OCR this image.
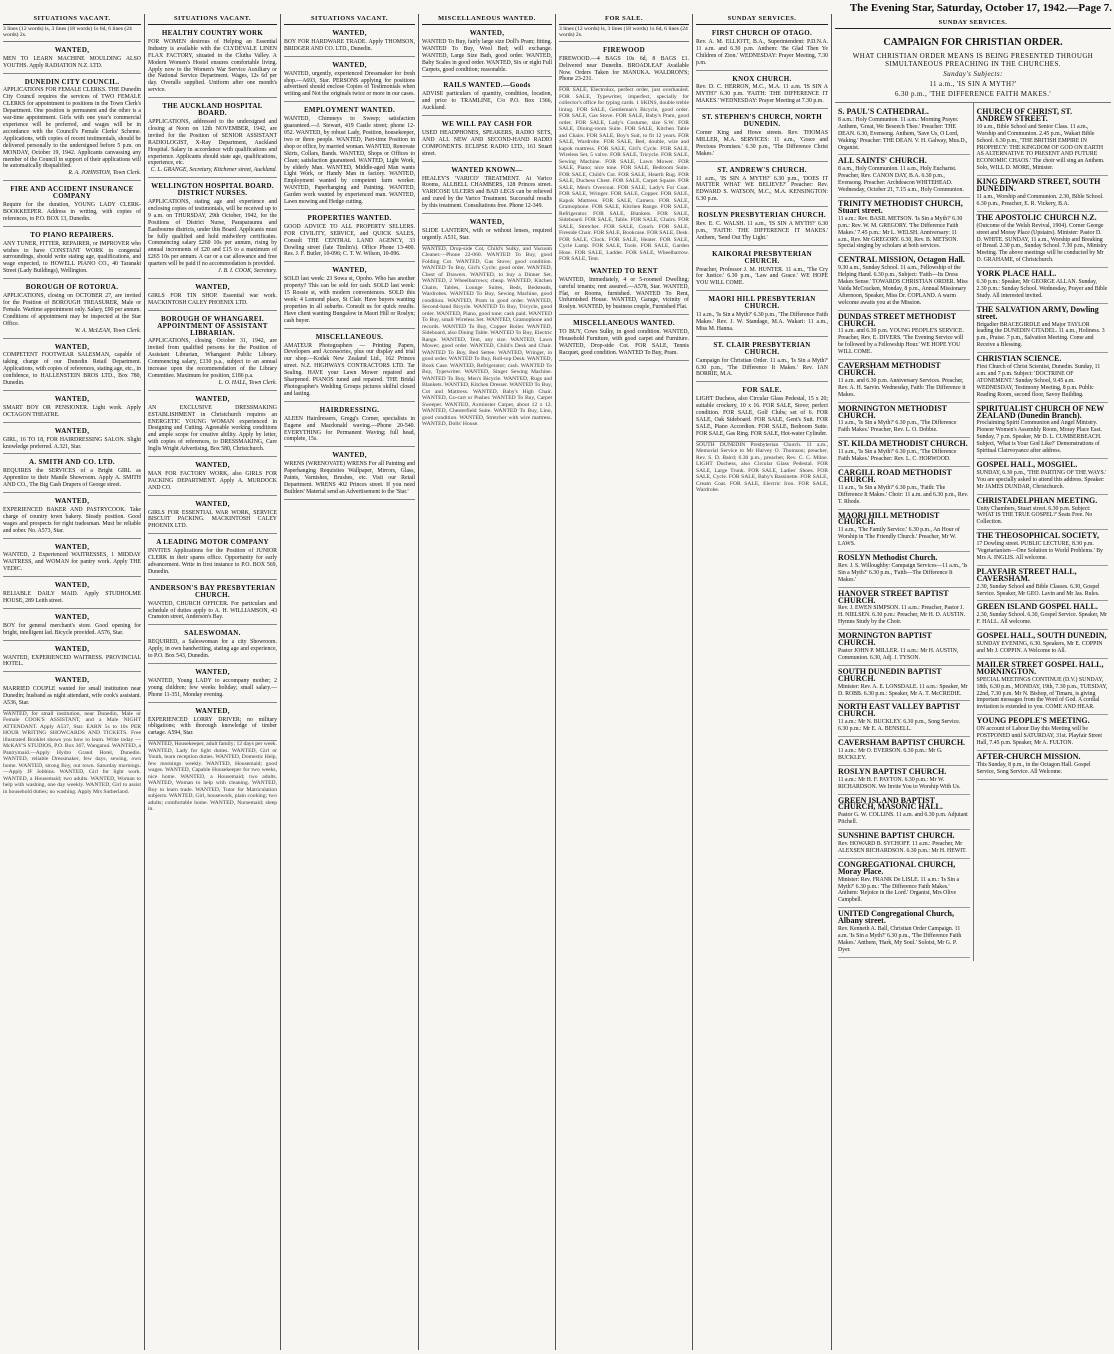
The Evening Star, Saturday, October 17, 1942.—Page 7.
SITUATIONS VACANT.
3 lines (12 words) ls, 3 lines (18 words) 1s 6d, 6 lines (24 words) 2s.
WANTED,
MEN TO LEARN MACHINE MOULDING ALSO YOUTHS. Apply RADIATION N.Z. LTD.
DUNEDIN CITY COUNCIL.
APPLICATIONS FOR FEMALE CLERKS. THE Dunedin City Council requires the services of TWO FEMALE CLERKS for appointment to positions in the Town Clerk's Department. One position is permanent and the other is a war-time appointment. Girls with one year's commercial experience will be preferred, and wages will be in accordance with the Council's Female Clerks' Scheme. Applications, with copies of recent testimonials, should be delivered personally to the undersigned before 5 p.m. on MONDAY, October 19, 1942. Applicants canvassing any member of the Council in support of their applications will be automatically disqualified.
R. A. JOHNSTON, Town Clerk.
FIRE AND ACCIDENT INSURANCE COMPANY
Require for the duration, YOUNG LADY CLERK-BOOKKEEPER. Address in writing, with copies of references, to P.O. BOX 13, Dunedin.
TO PIANO REPAIRERS.
ANY TUNER, FITTER, REPAIRER, or IMPROVER who wishes to have CONSTANT WORK in congenial surroundings, should write stating age, qualifications, and wage expected, to HOWELL PIANO CO., 40 Taranaki Street (Lady Buildings), Wellington.
BOROUGH OF ROTORUA.
APPLICATIONS, closing on OCTOBER 27, are invited for the Position of BOROUGH TREASURER, Male or Female. Wartime appointment only. Salary, £00 per annum. Conditions of appointment may be inspected at the Star Office.
W. A. McLEAN, Town Clerk.
WANTED,
COMPETENT FOOTWEAR SALESMAN, capable of taking charge of our Dunedin Retail Department. Applications, with copies of references, stating age, etc., in confidence, to HALLENSTEIN BROS LTD., Box 780, Dunedin.
WANTED,
SMART BOY OR PENSIONER. Light work. Apply OCTAGON THEATRE.
WANTED,
GIRL, 16 TO 18, FOR HAIRDRESSING SALON. Slight knowledge preferred. A.321, Star.
A. SMITH AND CO. LTD.
REQUIRES the SERVICES of a Bright GIRL as Apprentice to their Mantle Showroom. Apply A. SMITH AND CO., The Big Cash Drapers of George street.
WANTED,
EXPERIENCED BAKER AND PASTRYCOOK. Take charge of country town bakery. Steady position. Good wages and prospects for right tradesman. Must be reliable and sober. No. A573, Star.
WANTED,
WANTED, 2 Experienced WAITRESSES, 1 MIDDAY WAITRESS, and WOMAN for pantry work. Apply THE VEDIC.
WANTED,
RELIABLE DAILY MAID. Apply STUDHOLME HOUSE, 289 Leith street.
WANTED,
BOY for general merchant's store. Good opening for bright, intelligent lad. Bicycle provided. A576, Star.
WANTED,
WANTED, EXPERIENCED WAITRESS. PROVINCIAL HOTEL.
WANTED,
MARRIED COUPLE wanted for small institution near Dunedin; husband as night attendant, wife cook's assistant. A536, Star.
WANTED, for small institution, near Dunedin, Male or Female COOK'S ASSISTANT, and a Male NIGHT ATTENDANT. Apply A537, Star. EARN 5s to 10s PER HOUR WRITING SHOWCARDS AND TICKETS. Free illustrated Booklet shows you how to learn. Write today — McKAY'S STUDIOS, P.O. Box 367, Wanganui. WANTED, a Pantrymaid.—Apply Hydro Grand Hotel, Dunedin. WANTED, reliable Dressmaker, few days, sewing, own home. WANTED, strong Boy, out town. Saturday mornings.—Apply JF Jobbins. WANTED, Girl for light work. WANTED, a Housemaid; two adults. WANTED, Woman to help with washing, one day weekly. WANTED, Girl to assist in household duties; no washing. Apply Mrs Sutherland.
SITUATIONS VACANT.
HEALTHY COUNTRY WORK
FOR WOMEN desirous of Helping an Essential Industry is available with the CLYDEVALE LINEN FLAX FACTORY, situated in the Clutha Valley. A Modern Women's Hostel ensures comfortable living. Apply now to the Women's War Service Auxiliary or the National Service Department. Wages, 12s 6d per day. Overalls supplied. Uniform after one month's service.
THE AUCKLAND HOSPITAL BOARD.
APPLICATIONS, addressed to the undersigned and closing at Noon on 12th NOVEMBER, 1942, are invited for the Position of SENIOR ASSISTANT RADIOLOGIST, X-Ray Department, Auckland Hospital. Salary in accordance with qualifications and experience. Applicants should state age, qualifications, experience, etc.
C. L. GRANGE, Secretary, Kitchener street, Auckland.
WELLINGTON HOSPITAL BOARD. DISTRICT NURSES.
APPLICATIONS, stating age and experience and enclosing copies of testimonials, will be received up to 9 a.m. on THURSDAY, 29th October, 1942, for the Positions of District Nurse, Paraparaumu and Eastbourne districts, under this Board. Applicants must be fully qualified and hold midwifery certificates. Commencing salary £260 10s per annum, rising by annual increments of £20 and £15 to a maximum of £265 10s per annum. A car or a car allowance and free quarters will be paid if no accommodation is provided.
J. B. I. COOK, Secretary.
WANTED,
GIRLS FOR TIN SHOP. Essential war work. MACKINTOSH CALEY PHOENIX LTD.
BOROUGH OF WHANGAREI. APPOINTMENT OF ASSISTANT LIBRARIAN.
APPLICATIONS, closing October 31, 1942, are invited from qualified persons for the Position of Assistant Librarian, Whangarei Public Library. Commencing salary, £130 p.a., subject to an annual increase upon the recommendation of the Library Committee. Maximum for position, £186 p.a.
L. O. HALL, Town Clerk.
WANTED,
AN EXCLUSIVE DRESSMAKING ESTABLISHMENT in Christchurch requires an ENERGETIC YOUNG WOMAN experienced in Designing and Cutting. Agreeable working conditions and ample scope for creative ability. Apply by letter, with copies of references, to DRESSMAKING, Care Inglis Wright Advertising, Box 580, Christchurch.
WANTED,
MAN FOR FACTORY WORK, also GIRLS FOR PACKING DEPARTMENT. Apply A. MURDOCK AND CO.
WANTED,
GIRLS FOR ESSENTIAL WAR WORK, SERVICE BISCUIT PACKING. MACKINTOSH CALEY PHOENIX LTD.
A LEADING MOTOR COMPANY
INVITES Applications for the Position of JUNIOR CLERK in their spares office. Opportunity for early advancement. Write in first instance to P.O. BOX 569, Dunedin.
ANDERSON'S BAY PRESBYTERIAN CHURCH.
WANTED, CHURCH OFFICER. For particulars and schedule of duties apply to A. H. WILLIAMSON, 43 Cranston street, Anderson's Bay.
SALESWOMAN.
REQUIRED, a Saleswoman for a city Showroom. Apply, in own handwriting, stating age and experience, to P.O. Box 543, Dunedin.
WANTED,
WANTED, Young LADY to accompany mother; 2 young children; few weeks holiday; small salary.—Phone 11-351, Monday evening.
WANTED,
EXPERIENCED LORRY DRIVER; no military obligations; with thorough knowledge of timber cartage. A594, Star.
WANTED, Housekeeper, adult family; 12 days per week. WANTED, Lady for light duties. WANTED, Girl or Youth, learn reception duties. WANTED, Domestic Help, few mornings weekly. WANTED, Housemaid; good wages. WANTED, Capable Housekeeper for two weeks, nice home. WANTED, a Housemaid; two adults. WANTED, Woman to help with cleaning. WANTED, Boy to learn trade. WANTED, Tutor for Matriculation subjects. WANTED, Girl, housework, plain cooking; two adults; comfortable home. WANTED, Nursemaid; sleep in.
SITUATIONS VACANT.
WANTED,
BOY FOR HARDWARE TRADE. Apply THOMSON, BRIDGER AND CO. LTD., Dunedin.
WANTED,
WANTED, urgently, experienced Dressmaker for fresh shop.—A693, Star. PERSONS applying for positions advertised should enclose Copies of Testimonials when writing and Not the originals twice or more in our cases.
EMPLOYMENT WANTED.
WANTED, Chimneys to Sweep; satisfaction guaranteed.—J. Stewart, 419 Castle street; phone 12-052. WANTED, by robust Lady, Position, housekeeper, two or three people. WANTED, Part-time Position in shop or office, by married woman. WANTED, Renovate Skirts, Collars, Bands. WANTED, Shops or Offices to Clean; satisfaction guaranteed. WANTED, Light Work, by elderly Man. WANTED, Middle-aged Man wants Light Work, or Handy Man in factory. WANTED, Employment wanted by competent farm worker. WANTED, Paperhanging and Painting. WANTED, Garden work wanted by experienced man. WANTED, Lawn mowing and Hedge cutting.
PROPERTIES WANTED.
GOOD ADVICE TO ALL PROPERTY SELLERS. FOR CIVILITY, SERVICE, and QUICK SALES, Consult THE CENTRAL LAND AGENCY, 33 Dowling street (late Timlin's). Office Phone 13-400. Res. J. F. Butler, 10-096; C. T. W. Wilson, 10-096.
WANTED,
SOLD last week: 23 Sowa st, Opoho. Who has another property? This can be sold for cash. SOLD last week: 15 Rossie st, with modern conveniences. SOLD this week: 4 Lomond place, St Clair. Have buyers wanting properties in all suburbs. Consult us for quick results. Have client wanting Bungalow in Maori Hill or Roslyn; cash buyer.
MISCELLANEOUS.
AMATEUR Photographers — Printing Papers, Developers and Accessories, plus our display and trial our shop.—Kodak New Zealand Ltd., 162 Princes street. N.Z. HIGHWAYS CONTRACTORS LTD. Tar Sealing. HAVE your Lawn Mower repaired and Sharpened. PIANOS tuned and repaired. THE Bridal Photographer's Wedding Groups pictures skilful closed and lasting.
HAIRDRESSING.
ALEEN Hairdressers, Gregg's Corner, specialists in Eugene and Macdonald waving.—Phone 20-540. EVERYTHING for Permanent Waving; full head, complete, 15s.
WANTED,
WRENS (WRENOVATE) WRENS For all Painting and Paperhanging Requisites Wallpaper, Mirrors, Glass, Paints, Varnishes, Brushes, etc. Visit our Retail Department. WRENS 402 Princes street. If you need Builders' Material send an Advertisement to the 'Star.'
MISCELLANEOUS WANTED.
WANTED,
WANTED To Buy, fairly large size Doll's Pram; fitting. WANTED To Buy, Wool Bed; will exchange. WANTED, Large Size Bath, good order. WANTED, Baby Scales in good order. WANTED, Six or eight Full Carpets, good condition; reasonable.
RAILS WANTED.—Goods
ADVISE particulars of quantity, condition, location, and price to TRAMLINE, C/o P.O. Box 1366, Auckland.
WE WILL PAY CASH FOR
USED HEADPHONES, SPEAKERS, RADIO SETS, AND ALL NEW AND SECOND-HAND RADIO COMPONENTS. ECLIPSE RADIO LTD., 161 Stuart street.
WANTED KNOWN—
HEALEY'S 'VARICO' TREATMENT. At Varico Rooms, ALLBELL CHAMBERS, 128 Princes street. VARICOSE ULCERS and BAD LEGS can be relieved and cured by the Varico Treatment. Successful results by this treatment. Consultations free. Phone 12-349.
WANTED,
SLIDE LANTERN, with or without lenses, required urgently. A531, Star.
WANTED, Drop-side Cot, Child's Sulky, and Vacuum Cleaner.—Phone 22-060. WANTED To Buy, good Folding Cot. WANTED, Gas Stove; good condition. WANTED To Buy, Girl's Cycle; good order. WANTED, Chest of Drawers. WANTED, to buy a Dinner Set. WANTED, 2 Wheelbarrows; cheap. WANTED, Kitchen Chairs, Tables, Lounge Suites, Beds, Bedsteads, Wardrobes. WANTED To Buy, Sewing Machine, good condition. WANTED, Pram in good order. WANTED, Second-hand Bicycle. WANTED To Buy, Tricycle, good order. WANTED, Piano, good tone; cash paid. WANTED To Buy, small Wireless Set. WANTED, Gramophone and records. WANTED To Buy, Copper Boiler. WANTED, Sideboard, also Dining Table. WANTED To Buy, Electric Range. WANTED, Tent, any size. WANTED, Lawn Mower; good order. WANTED, Child's Desk and Chair. WANTED To Buy, Bed Settee. WANTED, Wringer, in good order. WANTED To Buy, Roll-top Desk. WANTED, Book Case. WANTED, Refrigerator; cash. WANTED To Buy, Typewriter. WANTED, Singer Sewing Machine. WANTED To Buy, Men's Bicycle. WANTED, Rugs and Blankets. WANTED, Kitchen Dresser. WANTED To Buy, Cot and Mattress. WANTED, Baby's High Chair. WANTED, Go-cart or Pusher. WANTED To Buy, Carpet Sweeper. WANTED, Axminster Carpet, about 12 x 12. WANTED, Chesterfield Suite. WANTED To Buy, Lino, good condition. WANTED, Stretcher with wire mattress. WANTED, Dolls' House.
FOR SALE.
3 lines (12 words) ls, 3 lines (18 words) 1s 6d, 6 lines (24 words) 2s.
FIREWOOD
FIREWOOD.—4 BAGS 10s 6d, 8 BAGS £1. Delivered near Dunedin. BROADLEAF Available Now. Orders Taken for MANUKA. WALDRON'S; Phone 23-231.
FOR SALE, Electrolux, perfect order, just overhauled. FOR SALE, Typewriter, imperfect, specially for collector's office for typing cards. 1 SKINS, double treble lining. FOR SALE, Gentleman's Bicycle, good order. FOR SALE, Gas Stove. FOR SALE, Baby's Pram, good order. FOR SALE, Lady's Costume, size S.W. FOR SALE, Dining-room Suite. FOR SALE, Kitchen Table and Chairs. FOR SALE, Boy's Suit, to fit 12 years. FOR SALE, Wardrobe. FOR SALE, Bed, double, wire and kapok mattress. FOR SALE, Girl's Cycle. FOR SALE, Wireless Set, 5 valve. FOR SALE, Tricycle. FOR SALE, Sewing Machine. FOR SALE, Lawn Mower. FOR SALE, Piano; nice tone. FOR SALE, Bedroom Suite. FOR SALE, Child's Cot. FOR SALE, Hearth Rug. FOR SALE, Duchess Chest. FOR SALE, Carpet Square. FOR SALE, Men's Overcoat. FOR SALE, Lady's Fur Coat. FOR SALE, Wringer. FOR SALE, Copper. FOR SALE, Kapok Mattress. FOR SALE, Camera. FOR SALE, Gramophone. FOR SALE, Kitchen Range. FOR SALE, Refrigerator. FOR SALE, Blankets. FOR SALE, Sideboard. FOR SALE, Table. FOR SALE, Chairs. FOR SALE, Stretcher. FOR SALE, Couch. FOR SALE, Fireside Chair. FOR SALE, Bookcase. FOR SALE, Desk. FOR SALE, Clock. FOR SALE, Heater. FOR SALE, Cycle Lamp. FOR SALE, Tools. FOR SALE, Garden Hose. FOR SALE, Ladder. FOR SALE, Wheelbarrow. FOR SALE, Tent.
WANTED TO RENT
WANTED, Immediately, 4 or 5-roomed Dwelling; careful tenants; rent assured.—A578, Star. WANTED, Flat, or Rooms, furnished. WANTED To Rent, Unfurnished House. WANTED, Garage, vicinity of Roslyn. WANTED, by business couple, Furnished Flat.
MISCELLANEOUS WANTED.
TO BUY, Cows Sulky, in good condition. WANTED, Household Furniture, with good carpet and Furniture. WANTED, Drop-side Cot. FOR SALE, Tennis Racquet, good condition. WANTED To Buy, Pram.
SUNDAY SERVICES.
FIRST CHURCH OF OTAGO.
Rev. A. M. ELLIOTT, B.A., Superintendent: P.D.N.A. 11 a.m. and 6.30 p.m. Anthem: 'Be Glad Then Ye Children of Zion.' WEDNESDAY: Prayer Meeting, 7.30 p.m.
KNOX CHURCH.
Rev. D. C. HERRON, M.C., M.A. 11 a.m. 'IS SIN A MYTH?' 6.30 p.m. 'FAITH: THE DIFFERENCE IT MAKES.' WEDNESDAY: Prayer Meeting at 7.30 p.m.
ST. STEPHEN'S CHURCH, NORTH DUNEDIN.
Corner King and Howe streets. Rev. THOMAS MILLER, M.A. SERVICES: 11 a.m., 'Grace and Precious Promises.' 6.30 p.m., 'The Difference Christ Makes.'
ST. ANDREW'S CHURCH.
11 a.m., 'IS SIN A MYTH?' 6.30 p.m., 'DOES IT MATTER WHAT WE BELIEVE?' Preacher: Rev. EDWARD S. WATSON, M.C., M.A. KENSINGTON: 6.30 p.m.
ROSLYN PRESBYTERIAN CHURCH.
Rev. E. C. WALSH. 11 a.m., 'IS SIN A MYTH?' 6.30 p.m., 'FAITH: THE DIFFERENCE IT MAKES.' Anthem, 'Send Out Thy Light.'
KAIKORAI PRESBYTERIAN CHURCH.
Preacher, Professor J. M. HUNTER. 11 a.m., 'The Cry for Justice.' 6.30 p.m., 'Law and Grace.' WE HOPE YOU WILL COME.
MAORI HILL PRESBYTERIAN CHURCH.
11 a.m., 'Is Sin a Myth?' 6.30 p.m., 'The Difference Faith Makes.' Rev. J. W. Standage, M.A. Wakari: 11 a.m., Miss M. Hanna.
ST. CLAIR PRESBYTERIAN CHURCH.
Campaign for Christian Order. 11 a.m., 'Is Sin a Myth?' 6.30 p.m., 'The Difference It Makes.' Rev. IAN BORRIE, M.A.
FOR SALE.
LIGHT Duchess, also Circular Glass Pedestal, 15 x 20; suitable crockery, 10 x 16. FOR SALE, Stove; perfect condition. FOR SALE, Golf Clubs; set of 6. FOR SALE, Oak Sideboard. FOR SALE, Gent's Suit. FOR SALE, Piano Accordion. FOR SALE, Bedroom Suite. FOR SALE, Gas Ring. FOR SALE, Hot-water Cylinder.
SOUTH DUNEDIN Presbyterian Church. 11 a.m., Memorial Service to Mr Harvey O. Thomson; preacher, Rev. S. D. Baird; 6.30 p.m., preacher, Rev. C. C. Milne. LIGHT Duchess, also Circular Glass Pedestal. FOR SALE, Large Trunk. FOR SALE, Ladies' Shoes. FOR SALE, Cycle. FOR SALE, Baby's Bassinette. FOR SALE, Cream Coat. FOR SALE, Electric Iron. FOR SALE, Wardrobe.
SUNDAY SERVICES.
CAMPAIGN FOR CHRISTIAN ORDER.
WHAT CHRISTIAN ORDER MEANS IS BEING PRESENTED THROUGH SIMULTANEOUS PREACHING IN THE CHURCHES.
Sunday's Subjects:
11 a.m., 'IS SIN A MYTH?'
6.30 p.m., 'THE DIFFERENCE FAITH MAKES.'
S. PAUL'S CATHEDRAL.
8 a.m.: Holy Communion. 11 a.m.: Morning Prayer. Anthem, 'Great, We Beseech Thee.' Preacher: THE DEAN. 6.30, Evensong. Anthem, 'Save Us, O Lord, Waking.' Preacher: THE DEAN. V. H. Galway, Mus.D., Organist.
ALL SAINTS' CHURCH.
8 a.m., Holy Communion. 11 a.m., Holy Eucharist. Preacher, Rev. CANON DAY, B.A. 6.30 p.m., Evensong. Preacher: Archdeacon WHITEHEAD. Wednesday, October 21, 7.15 a.m., Holy Communion.
TRINITY METHODIST CHURCH, Stuart street.
11 a.m.: Rev. BASIL METSON. 'Is Sin a Myth?' 6.30 p.m.: Rev. W. M. GREGORY. 'The Difference Faith Makes.' 7.45 p.m.: Mr L. WELSH. Anniversary: 11 a.m., Rev. Mr GREGORY. 6.30, Rev. B. METSON. Special singing by scholars at both services.
CENTRAL MISSION, Octagon Hall.
9.30 a.m., Sunday School. 11 a.m., Fellowship of the Helping Hand. 6.30 p.m., Subject: 'Faith—Its Dress Makes Sense.' TOWARDS CHRISTIAN ORDER. Miss Vaida McCracken, Monday, 8 p.m., Annual Missionary Afternoon, Speaker, Miss Dr. COPLAND. A warm welcome awaits you at the Mission.
DUNDAS STREET METHODIST CHURCH.
11 a.m. and 6.30 p.m. YOUNG PEOPLE'S SERVICE. Preacher, Rev. E. DIVERS. 'The Evening Service will be followed by a Fellowship Hour.' WE HOPE YOU WILL COME.
CAVERSHAM METHODIST CHURCH.
11 a.m. and 6.30 p.m. Anniversary Services. Preacher, Rev. A. H. Sarvin. Wednesday, Faith: The Difference it Makes.
MORNINGTON METHODIST CHURCH.
11 a.m., 'Is Sin a Myth?' 6.30 p.m., 'The Difference Faith Makes.' Preacher, Rev. L. O. Dobbie.
ST. KILDA METHODIST CHURCH.
11 a.m., 'Is Sin a Myth?' 6.30 p.m., 'The Difference Faith Makes.' Preacher: Rev. L. C. HORWOOD.
CARGILL ROAD METHODIST CHURCH.
11 a.m., 'Is Sin a Myth?' 6.30 p.m., 'Faith: The Difference It Makes.' Choir: 11 a.m. and 6.30 p.m., Rev. T. Rhode.
MAORI HILL METHODIST CHURCH.
11 a.m., 'The Family Service.' 6.30 p.m., An Hour of Worship in 'The Friendly Church.' Preacher, Mr W. LAWS.
ROSLYN Methodist Church.
Rev. J. S. Willoughby: Campaign Services—11 a.m., 'Is Sin a Myth?' 6.30 p.m., 'Faith—The Difference It Makes.'
HANOVER STREET BAPTIST CHURCH.
Rev. J. EWEN SIMPSON. 11 a.m.: Preacher, Pastor J. H. NIELSEN. 6.30 p.m.: Preacher, Mr H. D. AUSTIN. Hymns Study by the Choir.
MORNINGTON BAPTIST CHURCH.
Pastor JOHN P. MILLER. 11 a.m.: Mr H. AUSTIN, Communion. 6.30, Adj. J. TYSON.
SOUTH DUNEDIN BAPTIST CHURCH.
Minister: Rev. A. E. LONSDALE. 11 a.m.: Speaker, Mr D. ROBB. 6.30 p.m.: Speaker, Mr A. T. McCREDIE.
NORTH EAST VALLEY BAPTIST CHURCH.
11 a.m.: Mr N. BUCKLEY. 6.30 p.m., Song Service. 6.30 p.m.: Mr E. A. BENSELL.
CAVERSHAM BAPTIST CHURCH.
11 a.m.: Mr O. EVERSON. 6.30 p.m.: Mr G. BUCKLEY.
ROSLYN BAPTIST CHURCH.
11 a.m.: Mr H. F. PAYTON. 6.30 p.m.: Mr W. RICHARDSON. We Invite You to Worship With Us.
GREEN ISLAND BAPTIST CHURCH, MASONIC HALL.
Pastor G. W. COLLINS. 11 a.m. and 6.30 p.m. Adjutant Pitchell.
SUNSHINE BAPTIST CHURCH.
Rev. HOWARD B. SYCHOFF. 11 a.m.: Preacher, Mr ALEXSEN RICHARDSON. 6.30 p.m.: Mr H. HEWIT.
CONGREGATIONAL CHURCH, Moray Place.
Minister: Rev. FRANK De LISLE. 11 a.m.: 'Is Sin a Myth?' 6.30 p.m.: 'The Difference Faith Makes.' Anthem: 'Rejoice in the Lord.' Organist, Mrs Olive Campbell.
UNITED Congregational Church, Albany street.
Rev. Kenneth A. Ball, Christian Order Campaign. 11 a.m. 'Is Sin a Myth?' 6.30 p.m., 'The Difference Faith Makes.' Anthem, 'Hark, My Soul.' Soloist, Mr G. P. Dyer.
CHURCH OF CHRIST, ST. ANDREW STREET.
10 a.m., Bible School and Senior Class. 11 a.m., Worship and Communion. 2.45 p.m., Wakari Bible School. 6.30 p.m., 'THE BRITISH EMPIRE IN PROPHECY: THE KINGDOM OF GOD ON EARTH AS ALTERNATIVE TO PRESENT AND FUTURE ECONOMIC CHAOS.' The choir will sing an Anthem. Solo, WILL D. MORE, Minister.
KING EDWARD STREET, SOUTH DUNEDIN.
11 a.m., Worship and Communion. 2.30, Bible School. 6.30 p.m., Preacher, E. R. Vickery, B.A.
THE APOSTOLIC CHURCH N.Z.
(Outcome of the Welsh Revival, 1904). Corner George street and Moray Place (Upstairs). Minister: Pastor D. D. WHITE. SUNDAY, 11 a.m., Worship and Breaking of Bread. 2.30 p.m., Sunday School. 7.30 p.m., Ministry Meeting. The above meetings will be conducted by Mr D. GRAHAME, of Christchurch.
YORK PLACE HALL.
6.30 p.m.: Speaker, Mr GEORGE ALLAN. Sunday, 2.30 p.m.: Sunday School. Wednesday, Prayer and Bible Study. All interested invited.
THE SALVATION ARMY, Dowling street.
Brigadier BRACEGIRDLE and Major TAYLOR leading the DUNEDIN CITADEL. 11 a.m., Holiness. 3 p.m., Praise. 7 p.m., Salvation Meeting. Come and Receive a Blessing.
CHRISTIAN SCIENCE.
First Church of Christ Scientist, Dunedin. Sunday, 11 a.m. and 7 p.m. Subject: 'DOCTRINE OF ATONEMENT.' Sunday School, 9.45 a.m. WEDNESDAY, Testimony Meeting, 8 p.m. Public Reading Room, second floor, Savoy Building.
SPIRITUALIST CHURCH OF NEW ZEALAND (Dunedin Branch).
Proclaiming Spirit Communion and Angel Ministry. Pioneer Women's Assembly Room, Moray Place East. Sunday, 7 p.m. Speaker, Mr D. L. CUMBERBEACH. Subject, 'What is Your God Like?' Demonstrations of Spiritual Clairvoyance after address.
GOSPEL HALL, MOSGIEL.
SUNDAY, 6.30 p.m., 'THE PARTING OF THE WAYS.' You are specially asked to attend this address. Speaker: Mr JAMES DUNDAR, Christchurch.
CHRISTADELPHIAN MEETING.
Unity Chambers, Stuart street. 6.30 p.m. Subject: 'WHAT IS THE TRUE GOSPEL?' Seats Free. No Collection.
THE THEOSOPHICAL SOCIETY,
17 Dowling street. PUBLIC LECTURE, 8.30 p.m. 'Vegetarianism—One Solution to World Problems.' By Mrs A. INGLIS. All welcome.
PLAYFAIR STREET HALL, CAVERSHAM.
2.30, Sunday School and Bible Classes. 6.30, Gospel Service. Speaker, Mr GEO. Lavin and Mr Jas. Rules.
GREEN ISLAND GOSPEL HALL.
2.30, Sunday School. 6.30, Gospel Service. Speaker, Mr F. HALL. All welcome.
GOSPEL HALL, SOUTH DUNEDIN,
SUNDAY EVENING, 6.30. Speakers, Mr E. COPPIN and Mr J. COPPIN. A Welcome to All.
MAILER STREET GOSPEL HALL, MORNINGTON.
SPECIAL MEETINGS CONTINUE (D.V.) SUNDAY, 18th, 6.30 p.m., MONDAY, 19th, 7.30 p.m., TUESDAY, 22nd, 7.30 p.m. Mr N. Bishop, of Timaru, is giving important messages from the Word of God. A cordial invitation is extended to you. COME AND HEAR.
YOUNG PEOPLE'S MEETING.
ON account of Labour Day this Meeting will be POSTPONED until SATURDAY, 31st. Playfair Street Hall, 7.45 p.m. Speaker, Mr A. FULTON.
AFTER-CHURCH MISSION.
This Sunday, 8 p.m., in the Octagon Hall. Gospel Service, Song Service. All Welcome.
